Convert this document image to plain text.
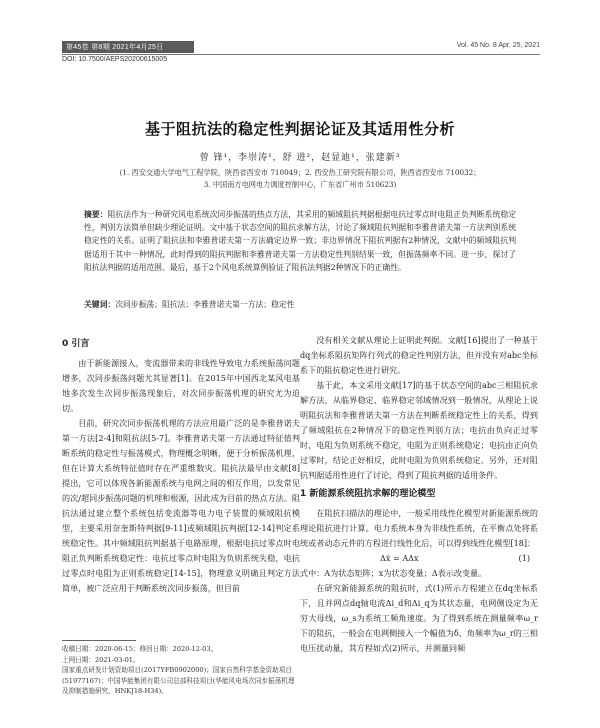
第45卷 第8期 2021年4月25日	Vol. 45 No. 8 Apr. 25, 2021
DOI: 10.7500/AEPS20200615005
基于阻抗法的稳定性判据论证及其适用性分析
曾 锋¹，李崇涛¹，舒 进²，赵显迪¹，张建新³
(1. 西安交通大学电气工程学院，陕西省西安市 710049；2. 西安热工研究院有限公司，陕西省西安市 710032；
3. 中国南方电网电力调度控制中心，广东省广州市 510623)
摘要：阻抗法作为一种研究风电系统次同步振荡的热点方法，其采用的频域阻抗判据根据电抗过零点时电阻正负判断系统稳定性，判别方法简单但缺少理论证明。文中基于状态空间的阻抗求解方法，讨论了频域阻抗判据和李雅普诺夫第一方法判别系统稳定性的关系。证明了阻抗法和李雅普诺夫第一方法确定边界一致；非边界情况下阻抗判据有2种情况，文献中的频域阻抗判据适用于其中一种情况，此时得到的阻抗判据和李雅普诺夫第一方法稳定性判别结果一致，但振荡频率不同。进一步，探讨了阻抗法判据的适用范围。最后，基于2个风电系统算例验证了阻抗法判据2种情况下的正确性。
关键词：次同步振荡；阻抗法；李雅普诺夫第一方法；稳定性
0 引言

由于新能源接入，变流器带来的非线性导致电力系统振荡问题增多，次同步振荡问题尤其显著[1]。在2015年中国西北某风电基地多次发生次同步振荡现象后，对次同步振荡机理的研究尤为迫切。

目前，研究次同步振荡机理的方法应用最广泛的是李雅普诺夫第一方法[2-4]和阻抗法[5-7]。李雅普诺夫第一方法通过特征值判断系统的稳定性与振荡模式，物理概念明晰，便于分析振荡机理，但在计算大系统特征值时存在严重维数灾。阻抗法最早由文献[8]提出，它可以体现各新能源系统与电网之间的相互作用，以发常见的次/超同步振荡问题的机理和根源，因此成为目前的热点方法。阻抗法通过建立整个系统包括变流器等电力电子装置的频域阻抗模型，主要采用奈奎斯特判据[9-11]或频域阻抗判据[12-14]判定系统稳定性。其中频域阻抗判据基于电路原理，根据电抗过零点时电阻正负判断系统稳定性：电抗过零点时电阻为负则系统失稳，电抗过零点时电阻为正则系统稳定[14-15]，物理意义明确且判定方法简单，被广泛应用于判断系统次同步振荡，但目前

没有相关文献从理论上证明此判据。文献[16]提出了一种基于dq坐标系阻抗矩阵行列式的稳定性判别方法，但并没有对abc坐标系下的阻抗稳定性进行研究。

基于此，本文采用文献[17]的基于状态空间的abc三相阻抗求解方法，从临界稳定、临界稳定邻域情况到一般情况，从理论上说明阻抗法和李雅普诺夫第一方法在判断系统稳定性上的关系，得到了频域阻抗在2种情况下的稳定性判别方法；电抗由负向正过零时，电阻为负则系统不稳定，电阻为正则系统稳定；电抗由正向负过零时，结论正好相反，此时电阻为负则系统稳定。另外，还对阻抗判据适用性进行了讨论，得到了阻抗判据的适用条件。

1 新能源系统阻抗求解的理论模型

在阻抗扫描法的理论中，一般采用线性化模型对新能源系统的理论阻抗进行计算。电力系统本身为非线性系统，在平衡点处将系统或者动态元件的方程进行线性化后，可以得到线性化模型[18]：

Δẋ = AΔx	(1)

式中：A为状态矩阵；x为状态变量；Δ表示改变量。

在研究新能源系统的阻抗时，式(1)所示方程建立在dq坐标系下，且并网点dq轴电流Δi_d和Δi_q为其状态量，电网侧设定为无穷大母线，ω_s为系统工频角速度。为了得到系统在测量频率ω_r下的阻抗，一般会在电网侧接入一个幅值为δ、角频率为ω_r的三相电压扰动量，其方程如式(2)所示，并测量同频

收稿日期：2020-06-15；修回日期：2020-12-03。
上网日期：2021-03-01。
国家重点研发计划资助项目(2017YFB0902000)；国家自然科学基金资助项目(51977167)；中国华能集团有限公司总部科技项目(华能风电场次同步振荡机理及抑制措施研究，HNKJ18-H34)。
